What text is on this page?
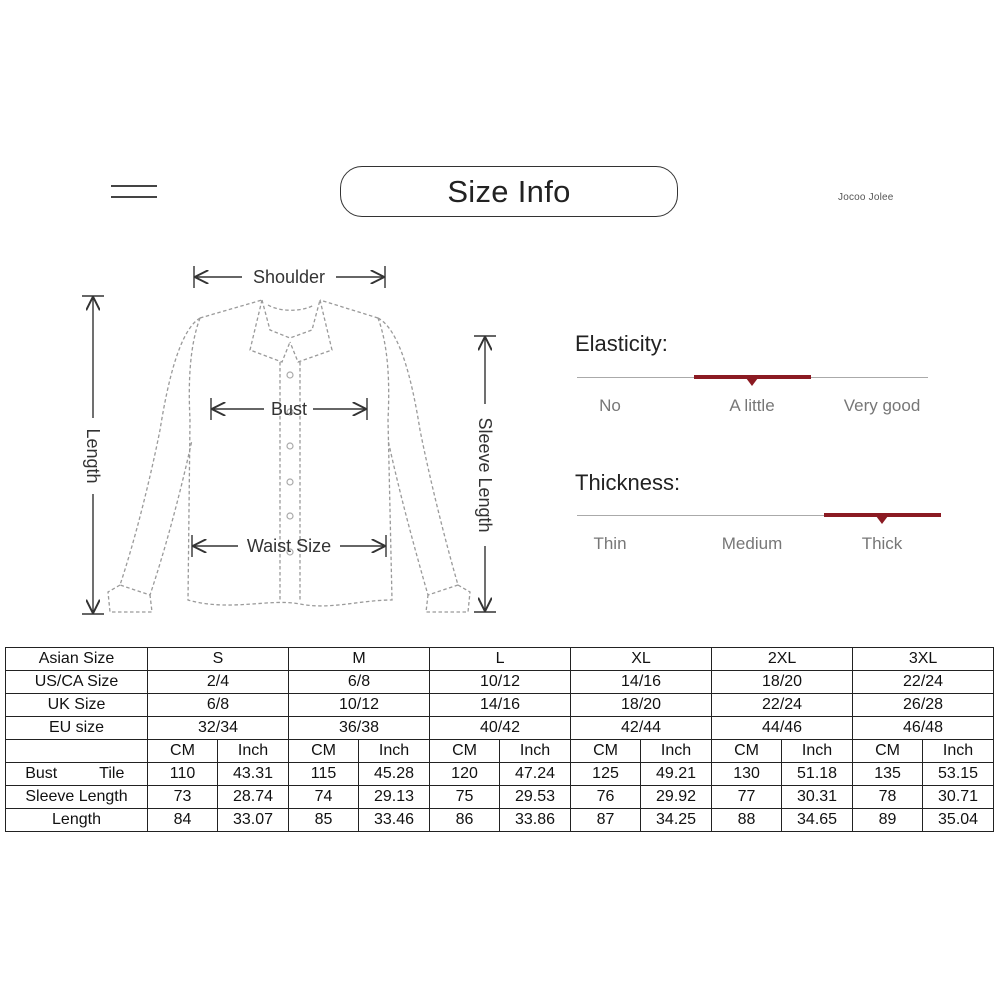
Size Info	Jocoo Jolee
Shoulder
Bust
Waist Size
Length	Sleeve Length
Elasticity:
No	A little	Very good
Thickness:
Thin	Medium	Thick
Asian Size	S		M		L		XL		2XL		3XL	
US/CA Size	2/4		6/8		10/12		14/16		18/20		22/24	
UK Size	6/8		10/12		14/16		18/20		22/24		26/28	
EU size	32/34		36/38		40/42		42/44		44/46		46/48	
	CM	Inch	CM	Inch	CM	Inch	CM	Inch	CM	Inch	CM	Inch

Bust Tile	110	43.31	115	45.28	120	47.24	125	49.21	130	51.18	135	53.15
Sleeve Length	73	28.74	74	29.13	75	29.53	76	29.92	77	30.31	78	30.71
Length	84	33.07	85	33.46	86	33.86	87	34.25	88	34.65	89	35.04
